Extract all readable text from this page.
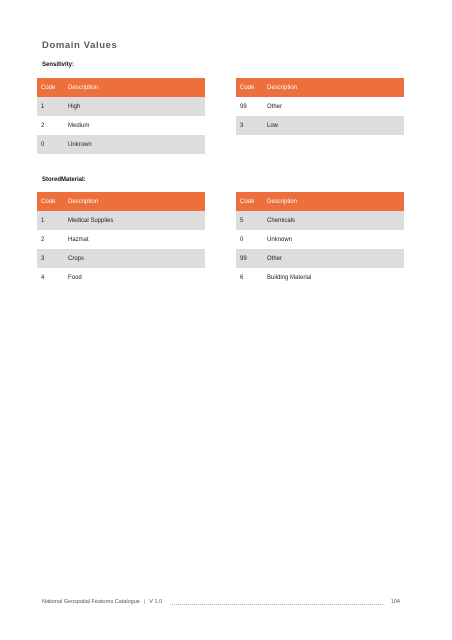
Domain Values
Sensitivity:
Code	Description
1	High
2	Medium
0	Unkrown
Code	Description
99	Other
3	Low
StoredMaterial:
Code	Description
1	Medical Supplies
2	Hazmat
3	Crops
4	Food
Code	Description
5	Chemicals
0	Unknown
99	Other
6	Building Material
National Geospatial Features Catalogue | V 1.0	104
